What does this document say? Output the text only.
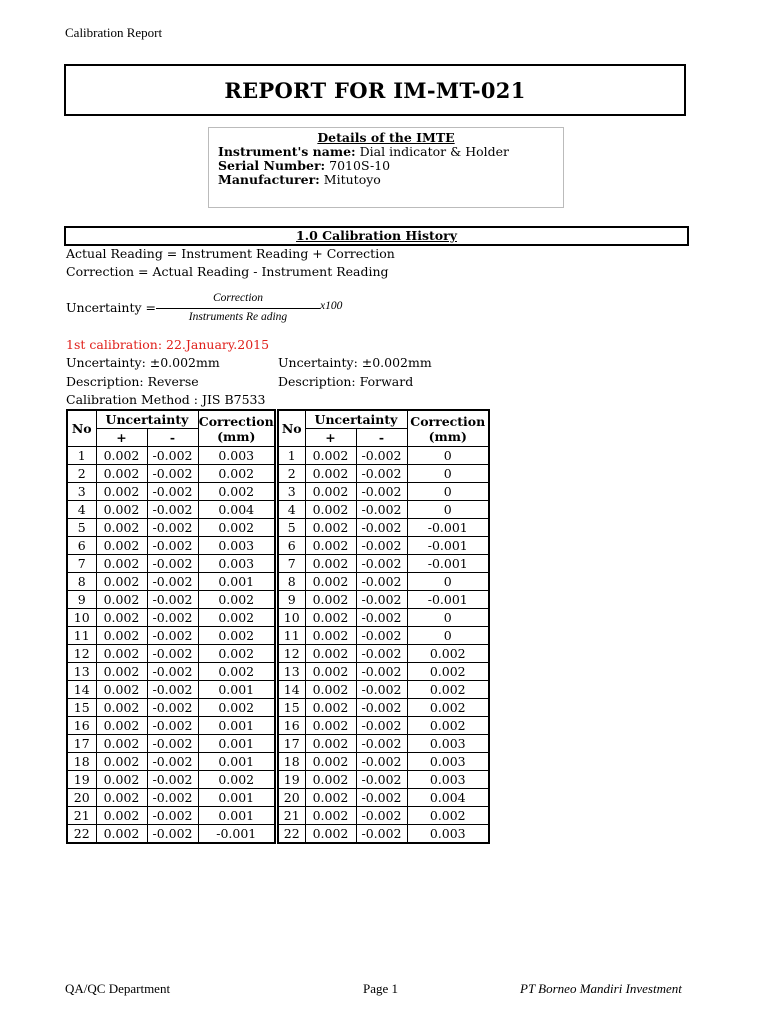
Calibration Report
REPORT FOR IM-MT-021
Details of the IMTE
Instrument's name: Dial indicator & Holder
Serial Number: 7010S-10
Manufacturer: Mitutoyo
1.0 Calibration History
Actual Reading = Instrument Reading + Correction
Correction = Actual Reading - Instrument Reading
Uncertainty =
Correction
Instruments Re ading
x100
1st calibration: 22.January.2015
Uncertainty: ±0.002mm	Uncertainty: ±0.002mm
Description: Reverse	Description: Forward
Calibration Method : JIS B7533
No	Uncertainty		Correction (mm)
	+	-	
1	0.002	-0.002	0.003
2	0.002	-0.002	0.002
3	0.002	-0.002	0.002
4	0.002	-0.002	0.004
5	0.002	-0.002	0.002
6	0.002	-0.002	0.003
7	0.002	-0.002	0.003
8	0.002	-0.002	0.001
9	0.002	-0.002	0.002
10	0.002	-0.002	0.002
11	0.002	-0.002	0.002
12	0.002	-0.002	0.002
13	0.002	-0.002	0.002
14	0.002	-0.002	0.001
15	0.002	-0.002	0.002
16	0.002	-0.002	0.001
17	0.002	-0.002	0.001
18	0.002	-0.002	0.001
19	0.002	-0.002	0.002
20	0.002	-0.002	0.001
21	0.002	-0.002	0.001
22	0.002	-0.002	-0.001
No	Uncertainty		Correction (mm)
	+	-	
1	0.002	-0.002	0
2	0.002	-0.002	0
3	0.002	-0.002	0
4	0.002	-0.002	0
5	0.002	-0.002	-0.001
6	0.002	-0.002	-0.001
7	0.002	-0.002	-0.001
8	0.002	-0.002	0
9	0.002	-0.002	-0.001
10	0.002	-0.002	0
11	0.002	-0.002	0
12	0.002	-0.002	0.002
13	0.002	-0.002	0.002
14	0.002	-0.002	0.002
15	0.002	-0.002	0.002
16	0.002	-0.002	0.002
17	0.002	-0.002	0.003
18	0.002	-0.002	0.003
19	0.002	-0.002	0.003
20	0.002	-0.002	0.004
21	0.002	-0.002	0.002
22	0.002	-0.002	0.003
QA/QC Department	Page 1	PT Borneo Mandiri Investment
